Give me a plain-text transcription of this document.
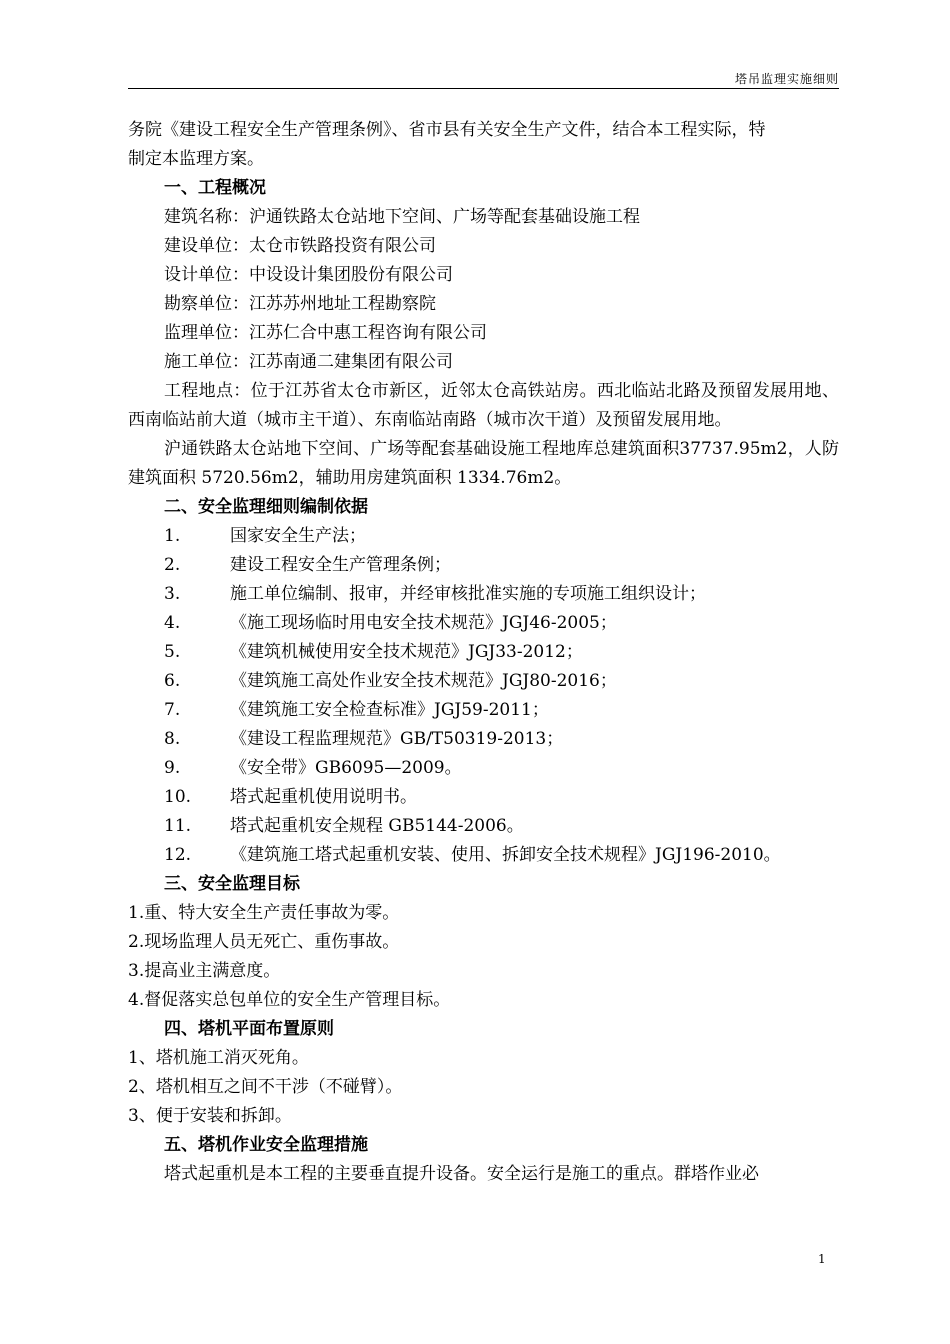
塔吊监理实施细则

务院《建设工程安全生产管理条例》、省市县有关安全生产文件，结合本工程实际，特

制定本监理方案。

一、工程概况

建筑名称：沪通铁路太仓站地下空间、广场等配套基础设施工程

建设单位：太仓市铁路投资有限公司

设计单位：中设设计集团股份有限公司

勘察单位：江苏苏州地址工程勘察院

监理单位：江苏仁合中惠工程咨询有限公司

施工单位：江苏南通二建集团有限公司

工程地点：位于江苏省太仓市新区，近邻太仓高铁站房。西北临站北路及预留发展用地、西南临站前大道（城市主干道）、东南临站南路（城市次干道）及预留发展用地。

沪通铁路太仓站地下空间、广场等配套基础设施工程地库总建筑面积37737.95m2，人防建筑面积 5720.56m2，辅助用房建筑面积 1334.76m2。

二、安全监理细则编制依据

1.	国家安全生产法；
2.	建设工程安全生产管理条例；
3.	施工单位编制、报审，并经审核批准实施的专项施工组织设计；
4.	《施工现场临时用电安全技术规范》JGJ46-2005；
5.	《建筑机械使用安全技术规范》JGJ33-2012；
6.	《建筑施工高处作业安全技术规范》JGJ80-2016；
7.	《建筑施工安全检查标准》JGJ59-2011；
8.	《建设工程监理规范》GB/T50319-2013；
9.	《安全带》GB6095—2009。
10.	塔式起重机使用说明书。
11.	塔式起重机安全规程 GB5144-2006。
12.	《建筑施工塔式起重机安装、使用、拆卸安全技术规程》JGJ196-2010。

三、安全监理目标

1.重、特大安全生产责任事故为零。

2.现场监理人员无死亡、重伤事故。

3.提高业主满意度。

4.督促落实总包单位的安全生产管理目标。

四、塔机平面布置原则

1、塔机施工消灭死角。

2、塔机相互之间不干涉（不碰臂）。

3、便于安装和拆卸。

五、塔机作业安全监理措施

塔式起重机是本工程的主要垂直提升设备。安全运行是施工的重点。群塔作业必

1
